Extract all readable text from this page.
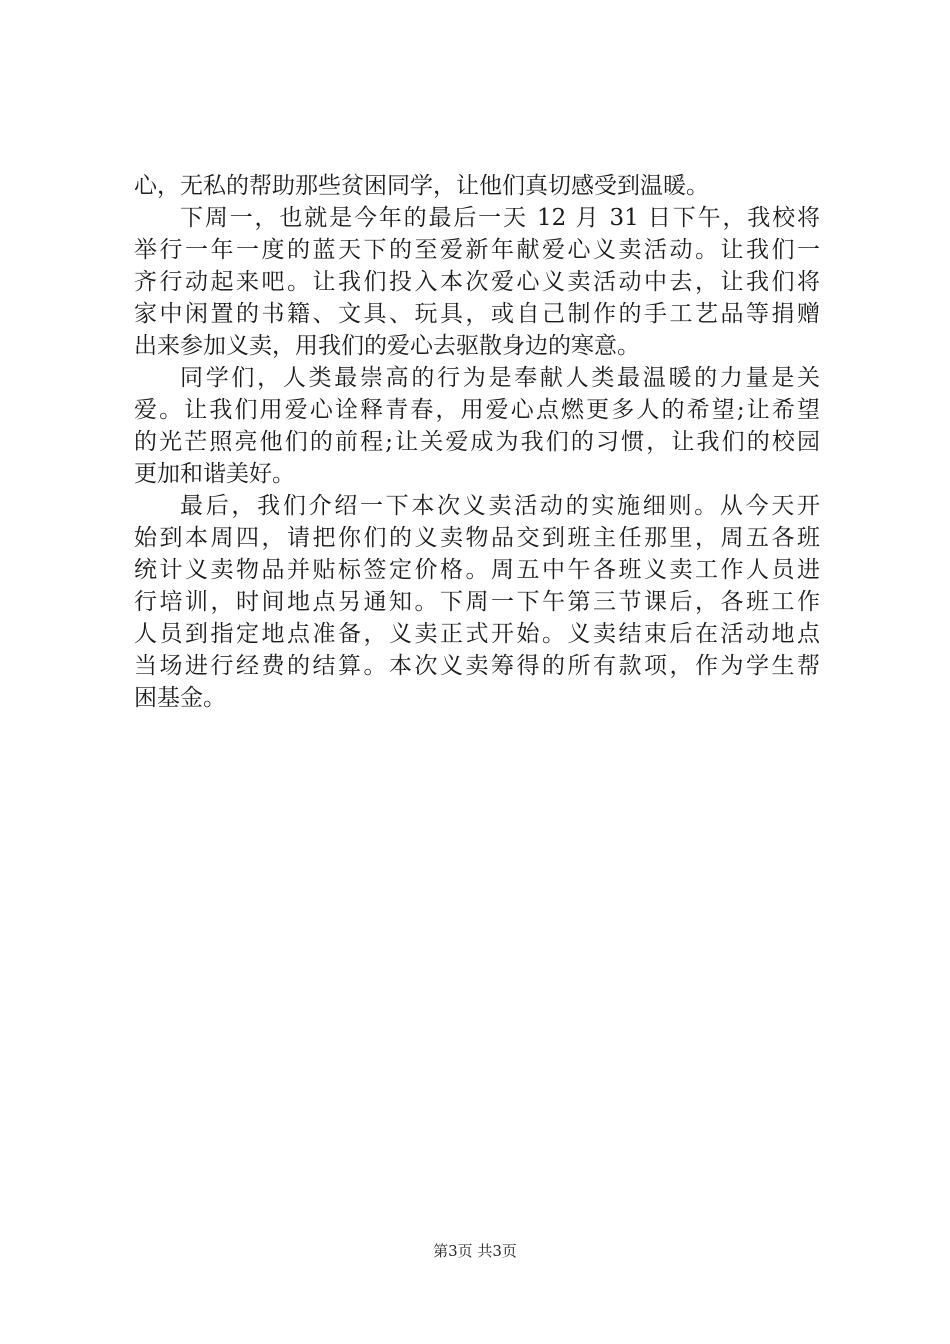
心，无私的帮助那些贫困同学，让他们真切感受到温暖。
下周一，也就是今年的最后一天 12 月 31 日下午，我校将
举行一年一度的蓝天下的至爱新年献爱心义卖活动。让我们一
齐行动起来吧。让我们投入本次爱心义卖活动中去，让我们将
家中闲置的书籍、文具、玩具，或自己制作的手工艺品等捐赠
出来参加义卖，用我们的爱心去驱散身边的寒意。
同学们，人类最崇高的行为是奉献人类最温暖的力量是关
爱。让我们用爱心诠释青春，用爱心点燃更多人的希望;让希望
的光芒照亮他们的前程;让关爱成为我们的习惯，让我们的校园
更加和谐美好。
最后，我们介绍一下本次义卖活动的实施细则。从今天开
始到本周四，请把你们的义卖物品交到班主任那里，周五各班
统计义卖物品并贴标签定价格。周五中午各班义卖工作人员进
行培训，时间地点另通知。下周一下午第三节课后，各班工作
人员到指定地点准备，义卖正式开始。义卖结束后在活动地点
当场进行经费的结算。本次义卖筹得的所有款项，作为学生帮
困基金。
第3页 共3页
